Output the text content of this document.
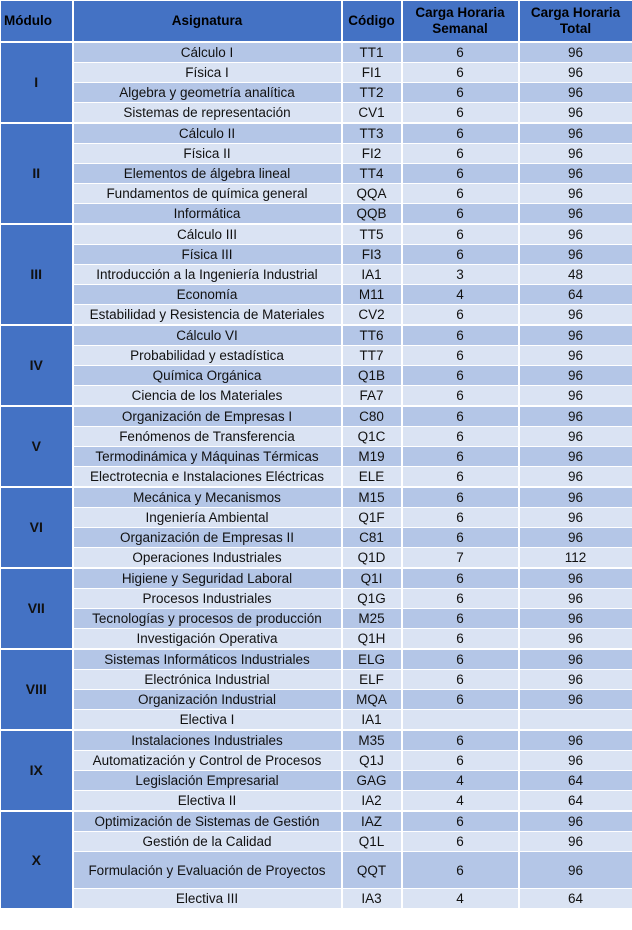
Módulo	Asignatura	Código	Carga Horaria Semanal	Carga Horaria Total
I	Cálculo I	TT1	6	96
	Física I	FI1	6	96
	Algebra y geometría analítica	TT2	6	96
	Sistemas de representación	CV1	6	96
II	Cálculo II	TT3	6	96
	Física II	FI2	6	96
	Elementos de álgebra lineal	TT4	6	96
	Fundamentos de química general	QQA	6	96
	Informática	QQB	6	96
III	Cálculo III	TT5	6	96
	Física III	FI3	6	96
	Introducción a la Ingeniería Industrial	IA1	3	48
	Economía	M11	4	64
	Estabilidad y Resistencia de Materiales	CV2	6	96
IV	Cálculo VI	TT6	6	96
	Probabilidad y estadística	TT7	6	96
	Química Orgánica	Q1B	6	96
	Ciencia de los Materiales	FA7	6	96
V	Organización de Empresas I	C80	6	96
	Fenómenos de Transferencia	Q1C	6	96
	Termodinámica y Máquinas Térmicas	M19	6	96
	Electrotecnia e Instalaciones Eléctricas	ELE	6	96
VI	Mecánica y Mecanismos	M15	6	96
	Ingeniería Ambiental	Q1F	6	96
	Organización de Empresas II	C81	6	96
	Operaciones Industriales	Q1D	7	112
VII	Higiene y Seguridad Laboral	Q1I	6	96
	Procesos Industriales	Q1G	6	96
	Tecnologías y procesos de producción	M25	6	96
	Investigación Operativa	Q1H	6	96
VIII	Sistemas Informáticos Industriales	ELG	6	96
	Electrónica Industrial	ELF	6	96
	Organización Industrial	MQA	6	96
	Electiva I	IA1		
IX	Instalaciones Industriales	M35	6	96
	Automatización y Control de Procesos	Q1J	6	96
	Legislación Empresarial	GAG	4	64
	Electiva II	IA2	4	64
X	Optimización de Sistemas de Gestión	IAZ	6	96
	Gestión de la Calidad	Q1L	6	96
	Formulación y Evaluación de Proyectos	QQT	6	96
	Electiva III	IA3	4	64
